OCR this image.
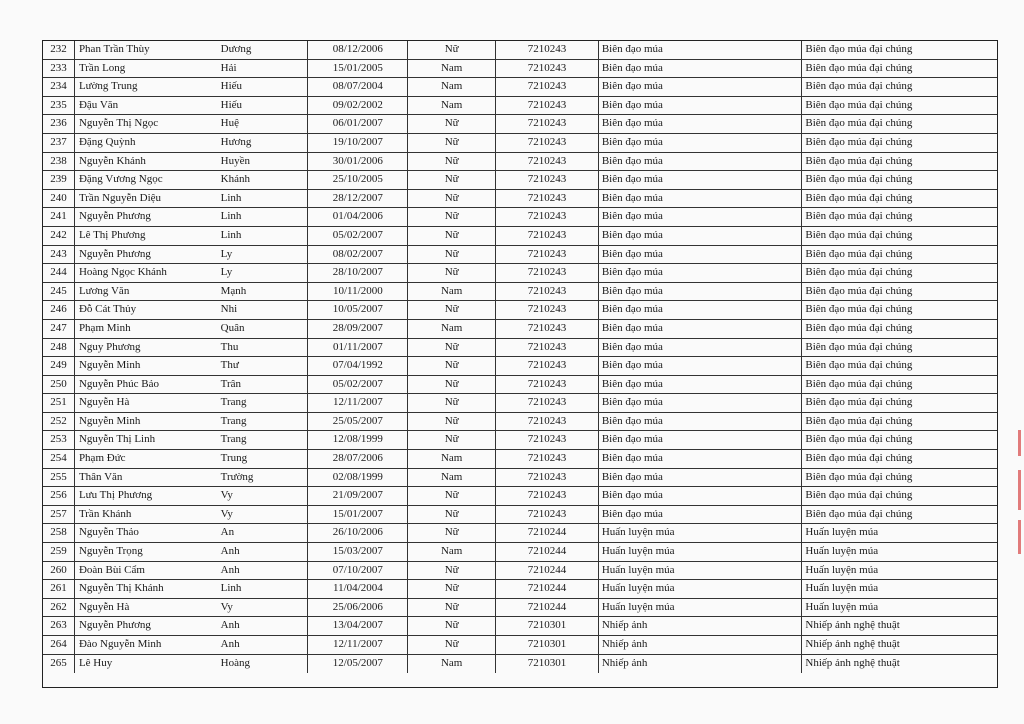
232	Phan Trần Thùy	Dương	08/12/2006	Nữ	7210243	Biên đạo múa	Biên đạo múa đại chúng
233	Trần Long	Hải	15/01/2005	Nam	7210243	Biên đạo múa	Biên đạo múa đại chúng
234	Lường Trung	Hiếu	08/07/2004	Nam	7210243	Biên đạo múa	Biên đạo múa đại chúng
235	Đậu Văn	Hiếu	09/02/2002	Nam	7210243	Biên đạo múa	Biên đạo múa đại chúng
236	Nguyễn Thị Ngọc	Huệ	06/01/2007	Nữ	7210243	Biên đạo múa	Biên đạo múa đại chúng
237	Đặng Quỳnh	Hương	19/10/2007	Nữ	7210243	Biên đạo múa	Biên đạo múa đại chúng
238	Nguyễn Khánh	Huyền	30/01/2006	Nữ	7210243	Biên đạo múa	Biên đạo múa đại chúng
239	Đặng Vương Ngọc	Khánh	25/10/2005	Nữ	7210243	Biên đạo múa	Biên đạo múa đại chúng
240	Trần Nguyễn Diệu	Linh	28/12/2007	Nữ	7210243	Biên đạo múa	Biên đạo múa đại chúng
241	Nguyễn Phương	Linh	01/04/2006	Nữ	7210243	Biên đạo múa	Biên đạo múa đại chúng
242	Lê Thị Phương	Linh	05/02/2007	Nữ	7210243	Biên đạo múa	Biên đạo múa đại chúng
243	Nguyễn Phương	Ly	08/02/2007	Nữ	7210243	Biên đạo múa	Biên đạo múa đại chúng
244	Hoàng Ngọc Khánh	Ly	28/10/2007	Nữ	7210243	Biên đạo múa	Biên đạo múa đại chúng
245	Lương Văn	Mạnh	10/11/2000	Nam	7210243	Biên đạo múa	Biên đạo múa đại chúng
246	Đỗ Cát Thủy	Nhi	10/05/2007	Nữ	7210243	Biên đạo múa	Biên đạo múa đại chúng
247	Phạm Minh	Quân	28/09/2007	Nam	7210243	Biên đạo múa	Biên đạo múa đại chúng
248	Nguy Phương	Thu	01/11/2007	Nữ	7210243	Biên đạo múa	Biên đạo múa đại chúng
249	Nguyễn Minh	Thư	07/04/1992	Nữ	7210243	Biên đạo múa	Biên đạo múa đại chúng
250	Nguyễn Phúc Bảo	Trân	05/02/2007	Nữ	7210243	Biên đạo múa	Biên đạo múa đại chúng
251	Nguyễn Hà	Trang	12/11/2007	Nữ	7210243	Biên đạo múa	Biên đạo múa đại chúng
252	Nguyễn Minh	Trang	25/05/2007	Nữ	7210243	Biên đạo múa	Biên đạo múa đại chúng
253	Nguyễn Thị Linh	Trang	12/08/1999	Nữ	7210243	Biên đạo múa	Biên đạo múa đại chúng
254	Phạm Đức	Trung	28/07/2006	Nam	7210243	Biên đạo múa	Biên đạo múa đại chúng
255	Thân Văn	Trường	02/08/1999	Nam	7210243	Biên đạo múa	Biên đạo múa đại chúng
256	Lưu Thị Phương	Vy	21/09/2007	Nữ	7210243	Biên đạo múa	Biên đạo múa đại chúng
257	Trần Khánh	Vy	15/01/2007	Nữ	7210243	Biên đạo múa	Biên đạo múa đại chúng
258	Nguyễn Thảo	An	26/10/2006	Nữ	7210244	Huấn luyện múa	Huấn luyện múa
259	Nguyễn Trọng	Anh	15/03/2007	Nam	7210244	Huấn luyện múa	Huấn luyện múa
260	Đoàn Bùi Cẩm	Anh	07/10/2007	Nữ	7210244	Huấn luyện múa	Huấn luyện múa
261	Nguyễn Thị Khánh	Linh	11/04/2004	Nữ	7210244	Huấn luyện múa	Huấn luyện múa
262	Nguyễn Hà	Vy	25/06/2006	Nữ	7210244	Huấn luyện múa	Huấn luyện múa
263	Nguyễn Phương	Anh	13/04/2007	Nữ	7210301	Nhiếp ảnh	Nhiếp ảnh nghệ thuật
264	Đào Nguyễn Minh	Anh	12/11/2007	Nữ	7210301	Nhiếp ảnh	Nhiếp ảnh nghệ thuật
265	Lê Huy	Hoàng	12/05/2007	Nam	7210301	Nhiếp ảnh	Nhiếp ảnh nghệ thuật
